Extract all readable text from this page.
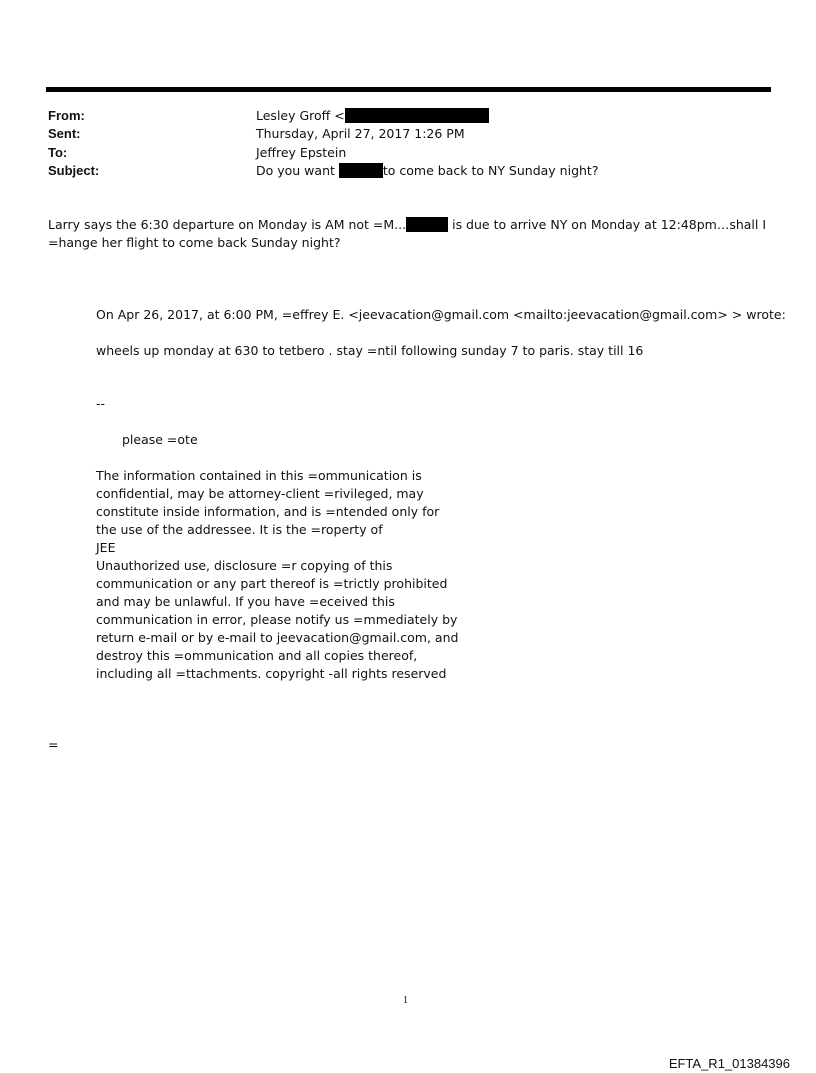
From:	Lesley Groff <
Sent:	Thursday, April 27, 2017 1:26 PM
To:	Jeffrey Epstein
Subject:	Do you want	to come back to NY Sunday night?
Larry says the 6:30 departure on Monday is AM not =M...	is due to arrive NY on Monday at 12:48pm…shall I
=hange her flight to come back Sunday night?
On Apr 26, 2017, at 6:00 PM, =effrey E. <jeevacation@gmail.com <mailto:jeevacation@gmail.com> > wrote:
wheels up monday at 630 to tetbero . stay =ntil following sunday 7 to paris. stay till 16
--
please =ote
The information contained in this =ommunication is
confidential, may be attorney-client =rivileged, may
constitute inside information, and is =ntended only for
the use of the addressee. It is the =roperty of
JEE
Unauthorized use, disclosure =r copying of this
communication or any part thereof is =trictly prohibited
and may be unlawful. If you have =eceived this
communication in error, please notify us =mmediately by
return e-mail or by e-mail to jeevacation@gmail.com, and
destroy this =ommunication and all copies thereof,
including all =ttachments. copyright -all rights reserved
=
1
EFTA_R1_01384396
